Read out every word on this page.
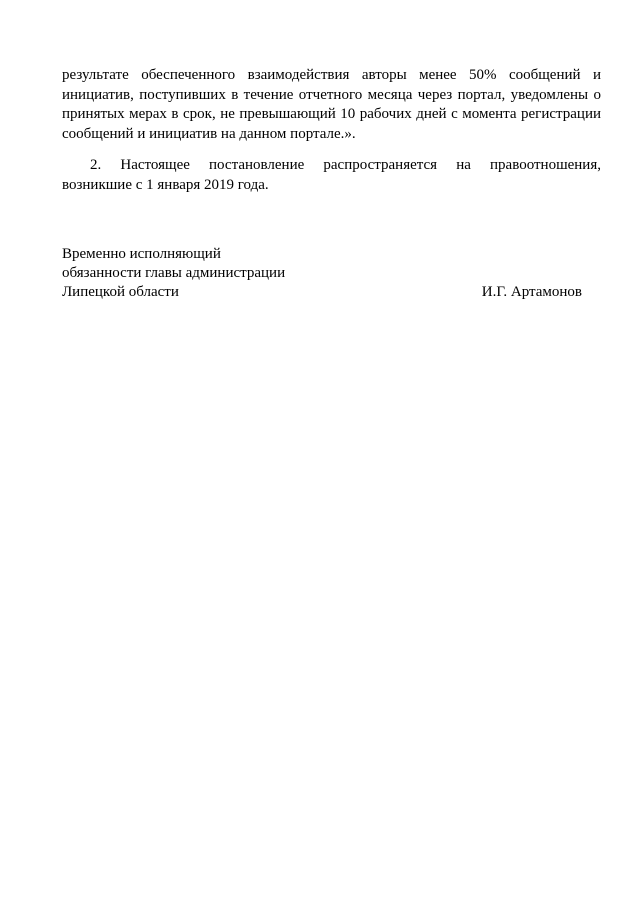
результате обеспеченного взаимодействия авторы менее 50% сообщений и
инициатив, поступивших в течение отчетного месяца через портал, уведомлены о
принятых мерах в срок, не превышающий 10 рабочих дней с момента регистрации
сообщений и инициатив на данном портале.».

2. Настоящее постановление распространяется на правоотношения,
возникшие с 1 января 2019 года.

Временно исполняющий
обязанности главы администрации
Липецкой области	И.Г. Артамонов
